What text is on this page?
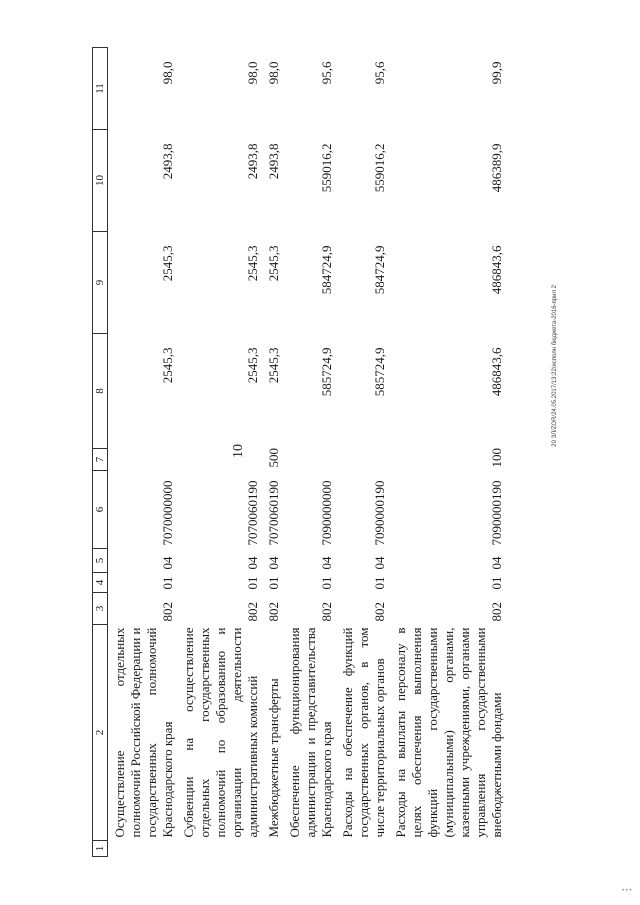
10
1	2	3	4	5	6	7	8	9	10	11
	Осуществление отдельных полномочий Российской Федерации и государственных полномочий Краснодарского края	802	01	04	7070000000		2545,3	2545,3	2493,8	98,0
	Субвенции на осуществление отдельных государственных полномочий по образованию и организации деятельности административных комиссий	802	01	04	7070060190		2545,3	2545,3	2493,8	98,0
	Межбюджетные трансферты	802	01	04	7070060190	500	2545,3	2545,3	2493,8	98,0
	Обеспечение функционирования администрации и представительства Краснодарского края	802	01	04	7090000000		585724,9	584724,9	559016,2	95,6
	Расходы на обеспечение функций государственных органов, в том числе территориальных органов	802	01	04	7090000190		585724,9	584724,9	559016,2	95,6
	Расходы на выплаты персоналу в целях обеспечения выполнения функций государственными (муниципальными) органами, казенными учреждениями, органами управления государственными внебюджетными фондами	802	01	04	7090000190	100	486843,6	486843,6	486389,9	99,9
20 ЗЛ/ZOR/24.05.2017/13:22/исполн бюджета-2016-прил 2
• • •
